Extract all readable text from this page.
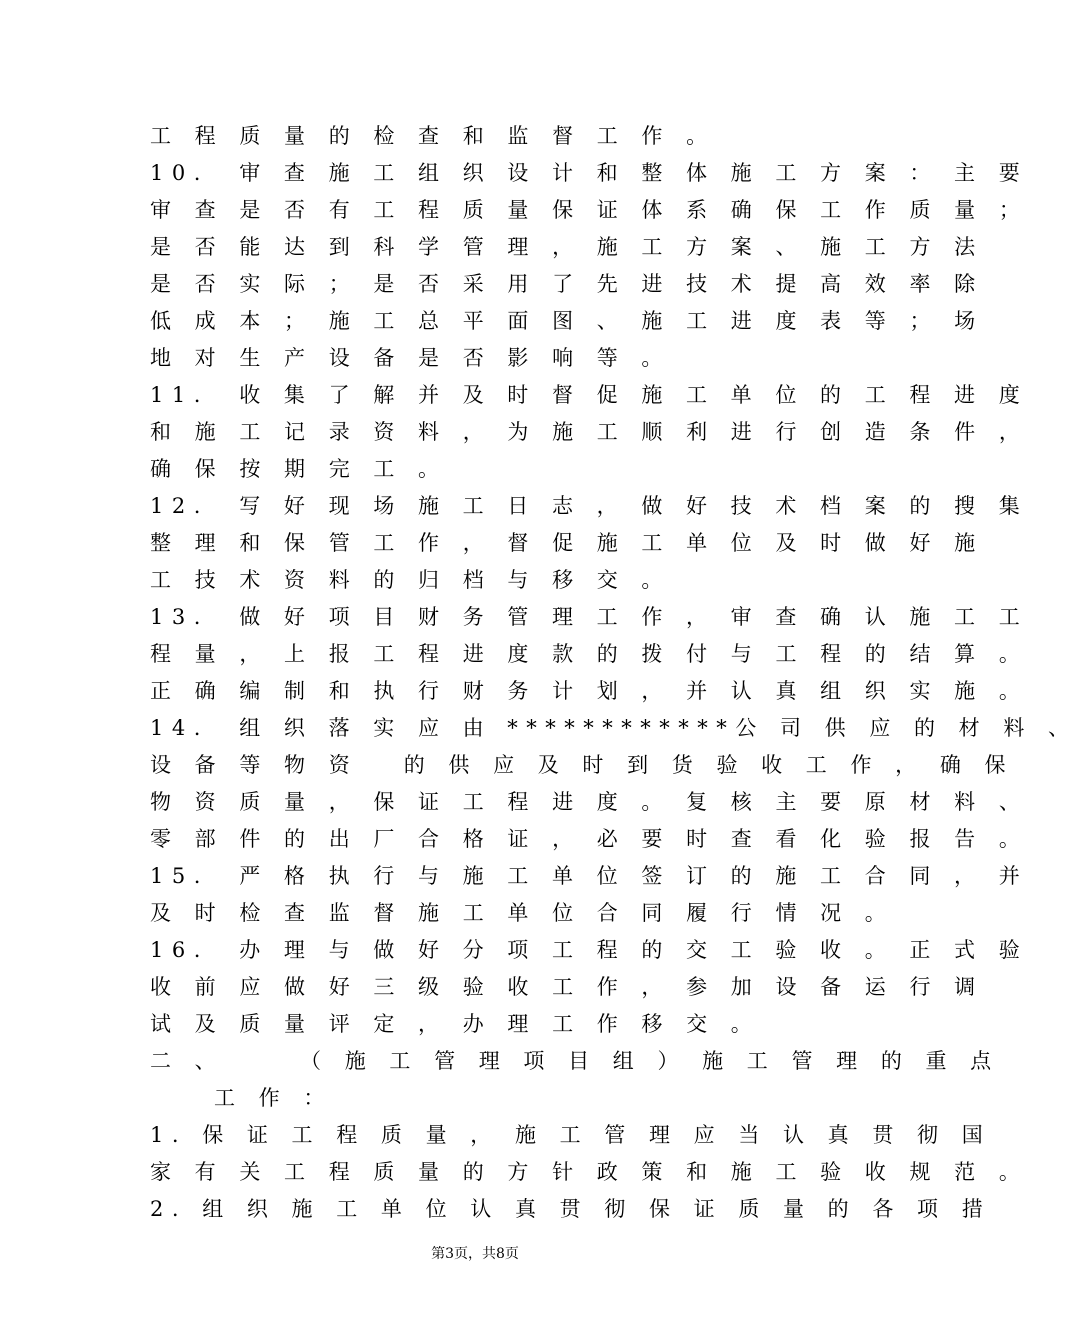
工 程 质 量 的 检 查 和 监 督 工 作 。
10.  审 查 施 工 组 织 设 计 和 整 体 施 工 方 案 ： 主 要
审 查 是 否 有 工 程 质 量 保 证 体 系 确 保 工 作 质 量 ；
是 否 能 达 到 科 学 管 理 ， 施 工 方 案 、 施 工 方 法
是 否 实 际 ； 是 否 采 用 了 先 进 技 术 提 高 效 率 除
低 成 本 ； 施 工 总 平 面 图 、 施 工 进 度 表 等 ； 场
地 对 生 产 设 备 是 否 影 响 等 。
11.  收 集 了 解 并 及 时 督 促 施 工 单 位 的 工 程 进 度
和 施 工 记 录 资 料 ， 为 施 工 顺 利 进 行 创 造 条 件 ，
确 保 按 期 完 工 。
12.  写 好 现 场 施 工 日 志 ， 做 好 技 术 档 案 的 搜 集
整 理 和 保 管 工 作 ， 督 促 施 工 单 位 及 时 做 好 施
工 技 术 资 料 的 归 档 与 移 交 。
13.  做 好 项 目 财 务 管 理 工 作 ， 审 查 确 认 施 工 工
程 量 ， 上 报 工 程 进 度 款 的 拨 付 与 工 程 的 结 算 。
正 确 编 制 和 执 行 财 务 计 划 ， 并 认 真 组 织 实 施 。
14.  组 织 落 实 应 由 ************公 司 供 应 的 材 料 、
设 备 等 物 资   的 供 应 及 时 到 货 验 收 工 作 ， 确 保
物 资 质 量 ， 保 证 工 程 进 度 。 复 核 主 要 原 材 料 、
零 部 件 的 出 厂 合 格 证 ， 必 要 时 查 看 化 验 报 告 。
15.  严 格 执 行 与 施 工 单 位 签 订 的 施 工 合 同 ， 并
及 时 检 查 监 督 施 工 单 位 合 同 履 行 情 况 。
16.  办 理 与 做 好 分 项 工 程 的 交 工 验 收 。 正 式 验
收 前 应 做 好 三 级 验 收 工 作 ， 参 加 设 备 运 行 调
试 及 质 量 评 定 ， 办 理 工 作 移 交 。
二 、     （ 施 工 管 理 项 目 组 ） 施 工 管 理 的 重 点
工 作 ：
1. 保 证 工 程 质 量 ， 施 工 管 理 应 当 认 真 贯 彻 国
家 有 关 工 程 质 量 的 方 针 政 策 和 施 工 验 收 规 范 。
2. 组 织 施 工 单 位 认 真 贯 彻 保 证 质 量 的 各 项 措
第3页，共8页
